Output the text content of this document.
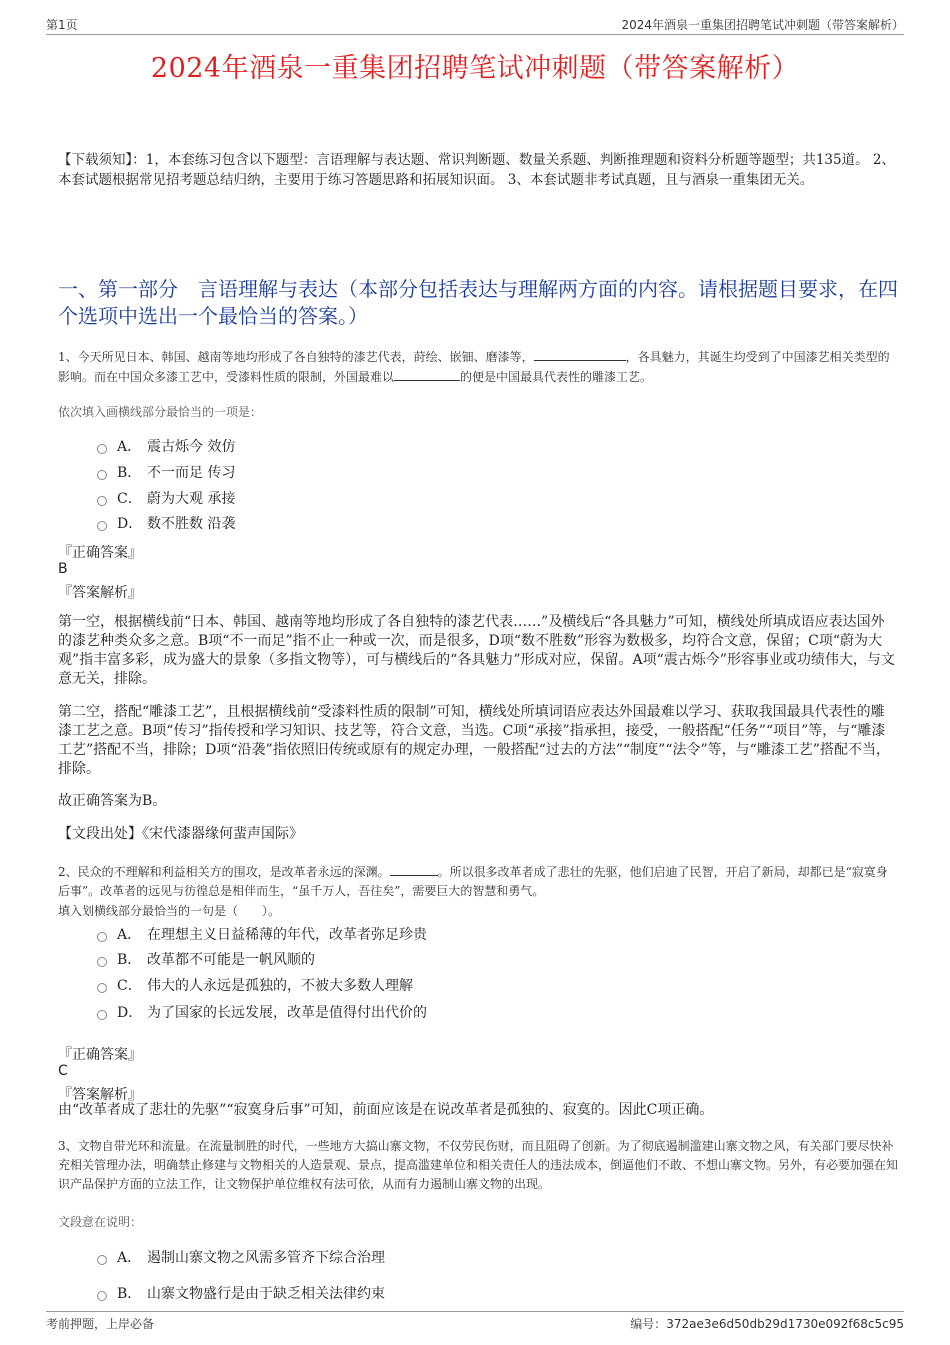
第1页	2024年酒泉一重集团招聘笔试冲刺题（带答案解析）
2024年酒泉一重集团招聘笔试冲刺题（带答案解析）
【下载须知】：1，本套练习包含以下题型：言语理解与表达题、常识判断题、数量关系题、判断推理题和资料分析题等题型；共135道。 2、本套试题根据常见招考题总结归纳，主要用于练习答题思路和拓展知识面。 3、本套试题非考试真题，且与酒泉一重集团无关。
一、第一部分　言语理解与表达（本部分包括表达与理解两方面的内容。请根据题目要求，在四个选项中选出一个最恰当的答案。）
1、今天所见日本、韩国、越南等地均形成了各自独特的漆艺代表，莳绘、嵌钿、磨漆等，	，各具魅力，其诞生均受到了中国漆艺相关类型的影响。而在中国众多漆工艺中，受漆料性质的限制，外国最难以	的便是中国最具代表性的雕漆工艺。
依次填入画横线部分最恰当的一项是：
A． 震古烁今 效仿
B． 不一而足 传习
C． 蔚为大观 承接
D． 数不胜数 沿袭
『正确答案』
B
『答案解析』
第一空，根据横线前“日本、韩国、越南等地均形成了各自独特的漆艺代表……”及横线后“各具魅力”可知，横线处所填成语应表达国外的漆艺种类众多之意。B项“不一而足”指不止一种或一次，而是很多，D项“数不胜数”形容为数极多，均符合文意，保留；C项“蔚为大观”指丰富多彩，成为盛大的景象（多指文物等），可与横线后的“各具魅力”形成对应，保留。A项“震古烁今”形容事业或功绩伟大，与文意无关，排除。
第二空，搭配“雕漆工艺”，且根据横线前“受漆料性质的限制”可知，横线处所填词语应表达外国最难以学习、获取我国最具代表性的雕漆工艺之意。B项“传习”指传授和学习知识、技艺等，符合文意，当选。C项“承接”指承担，接受，一般搭配“任务”“项目”等，与“雕漆工艺”搭配不当，排除；D项“沿袭”指依照旧传统或原有的规定办理，一般搭配“过去的方法”“制度”“法令”等，与“雕漆工艺”搭配不当，排除。
故正确答案为B。
【文段出处】《宋代漆器缘何蜚声国际》
2、民众的不理解和利益相关方的围攻，是改革者永远的深渊。	。所以很多改革者成了悲壮的先驱，他们启迪了民智，开启了新局，却都已是“寂寞身后事”。改革者的远见与彷徨总是相伴而生，“虽千万人，吾往矣”，需要巨大的智慧和勇气。
填入划横线部分最恰当的一句是（　　）。
A． 在理想主义日益稀薄的年代，改革者弥足珍贵
B． 改革都不可能是一帆风顺的
C． 伟大的人永远是孤独的，不被大多数人理解
D． 为了国家的长远发展，改革是值得付出代价的
『正确答案』
C
『答案解析』
由“改革者成了悲壮的先驱”“寂寞身后事”可知，前面应该是在说改革者是孤独的、寂寞的。因此C项正确。
3、文物自带光环和流量。在流量制胜的时代，一些地方大搞山寨文物，不仅劳民伤财，而且阻碍了创新。为了彻底遏制滥建山寨文物之风，有关部门要尽快补充相关管理办法，明确禁止修建与文物相关的人造景观、景点，提高滥建单位和相关责任人的违法成本，倒逼他们不敢、不想山寨文物。另外，有必要加强在知识产品保护方面的立法工作，让文物保护单位维权有法可依，从而有力遏制山寨文物的出现。
文段意在说明：
A． 遏制山寨文物之风需多管齐下综合治理
B． 山寨文物盛行是由于缺乏相关法律约束
考前押题，上岸必备	编号：372ae3e6d50db29d1730e092f68c5c95
